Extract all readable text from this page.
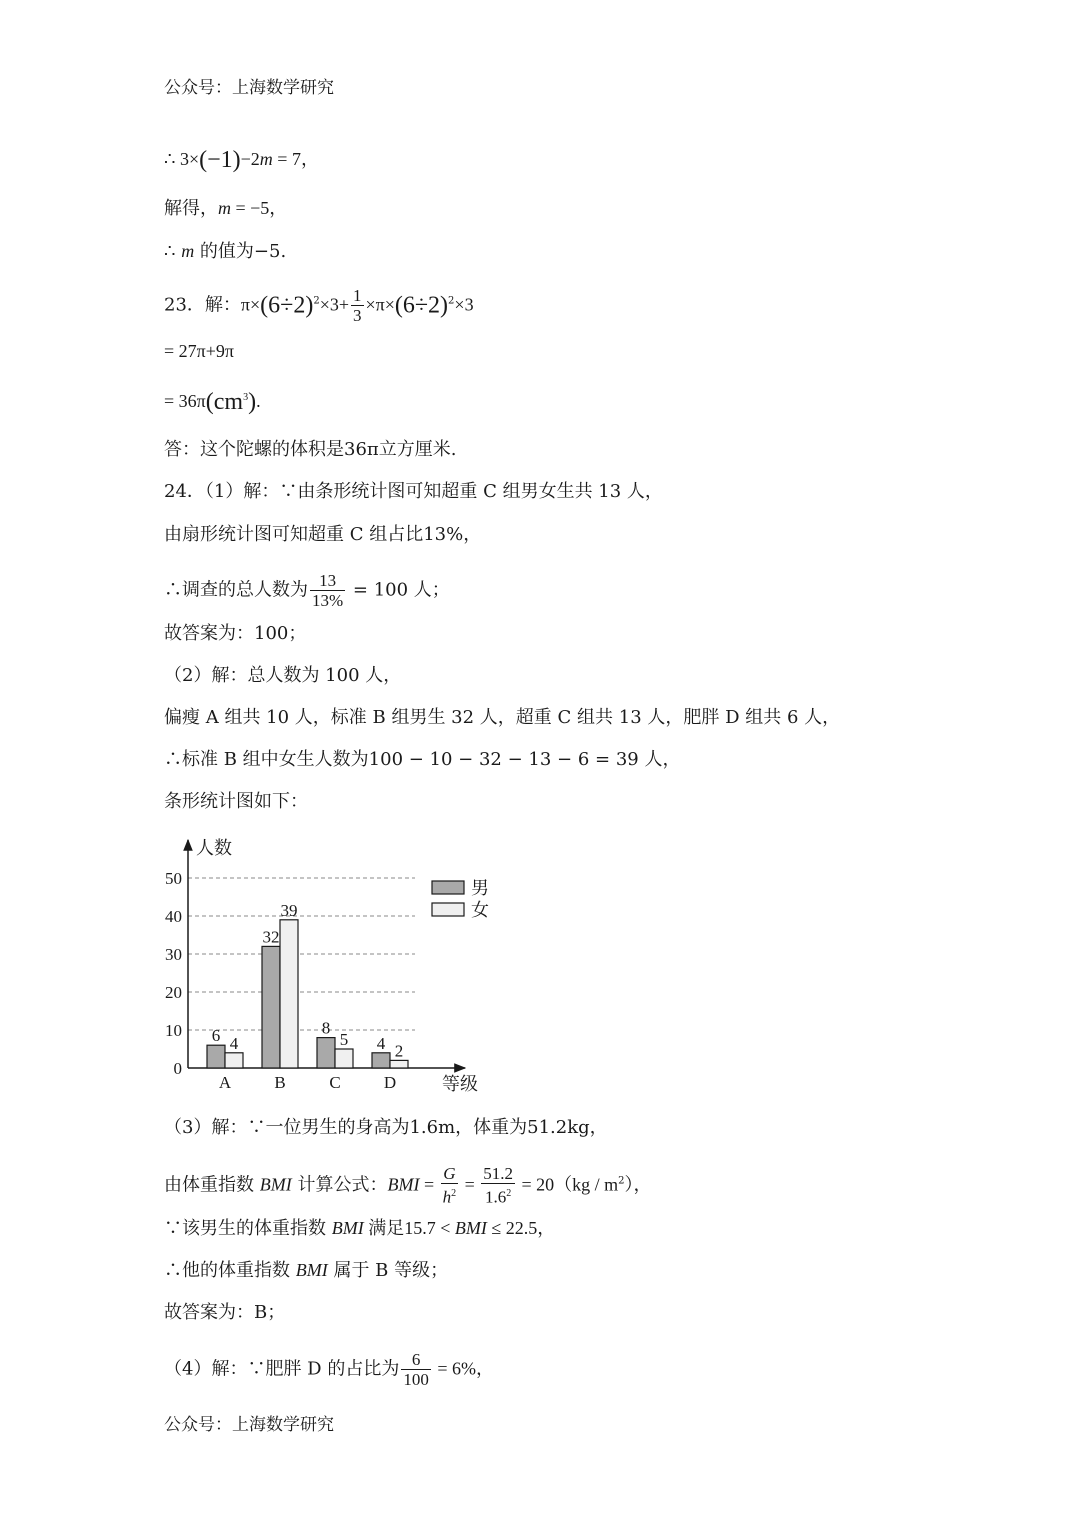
公众号：上海数学研究
∴ 3×(−1)−2m = 7，
解得，m = −5，
∴ m 的值为−5.
23．解：$\pi\times(6\div 2)^2\times 3+ \frac{1}{3} \times\pi\times(6\div 2)^2\times 3$
= 27π+9π
= $36\pi(cm^3)$.
答：这个陀螺的体积是36π立方厘米.
24．（1）解：∵由条形统计图可知超重 C 组男女生共 13 人，
由扇形统计图可知超重 C 组占比13%，
∴调查的总人数为 $\frac{13}{13\%} = 100$ 人；
故答案为：100；
（2）解：总人数为 100 人，
偏瘦 A 组共 10 人，标准 B 组男生 32 人，超重 C 组共 13 人，肥胖 D 组共 6 人，
∴标准 B 组中女生人数为100 − 10 − 32 − 13 − 6 = 39 人，
条形统计图如下：
人数
等级
0
10
20
30
40
50
6 4
32
39
8
5 4 2
A	B	C	D
男
女
（3）解：∵一位男生的身高为1.6m，体重为51.2kg，
由体重指数 BMI 计算公式：BMI = $\frac{G}{h^2} = \frac{51.2}{1.6^2} = 20(kg / m^2)$，
∵该男生的体重指数 BMI 满足15.7 < BMI ≤ 22.5，
∴他的体重指数 BMI 属于 B 等级；
故答案为：B；
（4）解：∵肥胖 D 的占比为 $\frac{6}{100} = 6\%$，
公众号：上海数学研究
